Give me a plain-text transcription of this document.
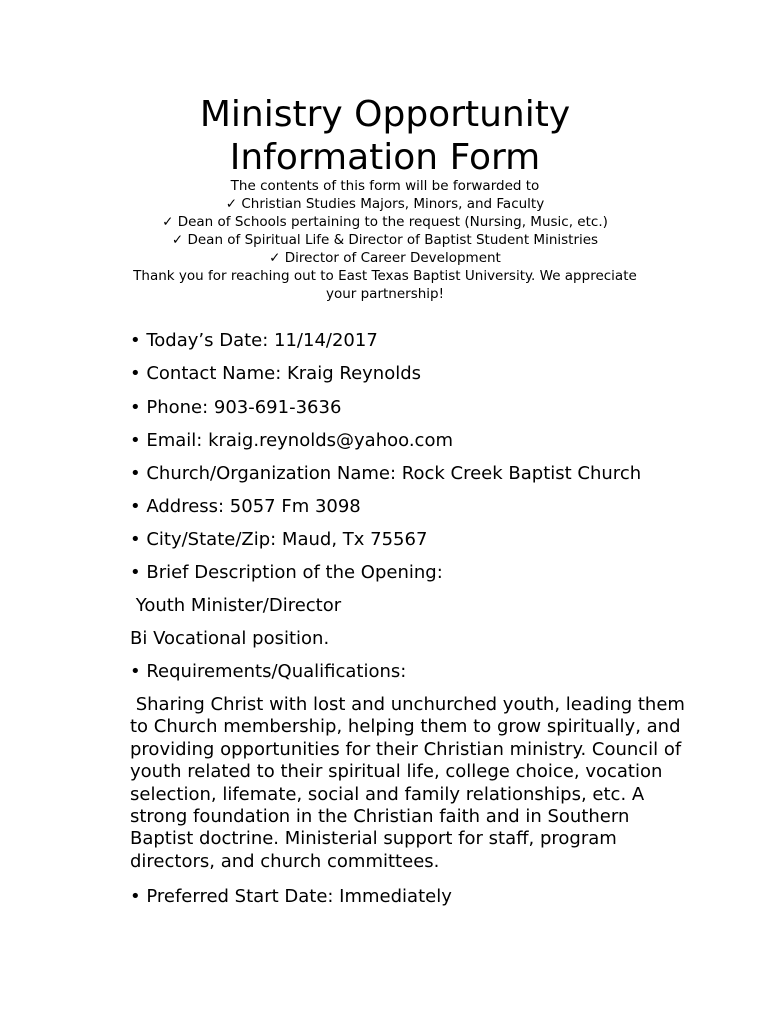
Ministry Opportunity
Information Form
The contents of this form will be forwarded to
✓ Christian Studies Majors, Minors, and Faculty
✓ Dean of Schools pertaining to the request (Nursing, Music, etc.)
✓ Dean of Spiritual Life & Director of Baptist Student Ministries
✓ Director of Career Development
Thank you for reaching out to East Texas Baptist University. We appreciate
your partnership!
• Today’s Date: 11/14/2017
• Contact Name: Kraig Reynolds
• Phone: 903-691-3636
• Email: kraig.reynolds@yahoo.com
• Church/Organization Name: Rock Creek Baptist Church
• Address: 5057 Fm 3098
• City/State/Zip: Maud, Tx 75567
• Brief Description of the Opening:
Youth Minister/Director
Bi Vocational position.
• Requirements/Qualifications:
Sharing Christ with lost and unchurched youth, leading them
to Church membership, helping them to grow spiritually, and
providing opportunities for their Christian ministry. Council of
youth related to their spiritual life, college choice, vocation
selection, lifemate, social and family relationships, etc. A
strong foundation in the Christian faith and in Southern
Baptist doctrine. Ministerial support for staff, program
directors, and church committees.
• Preferred Start Date: Immediately
